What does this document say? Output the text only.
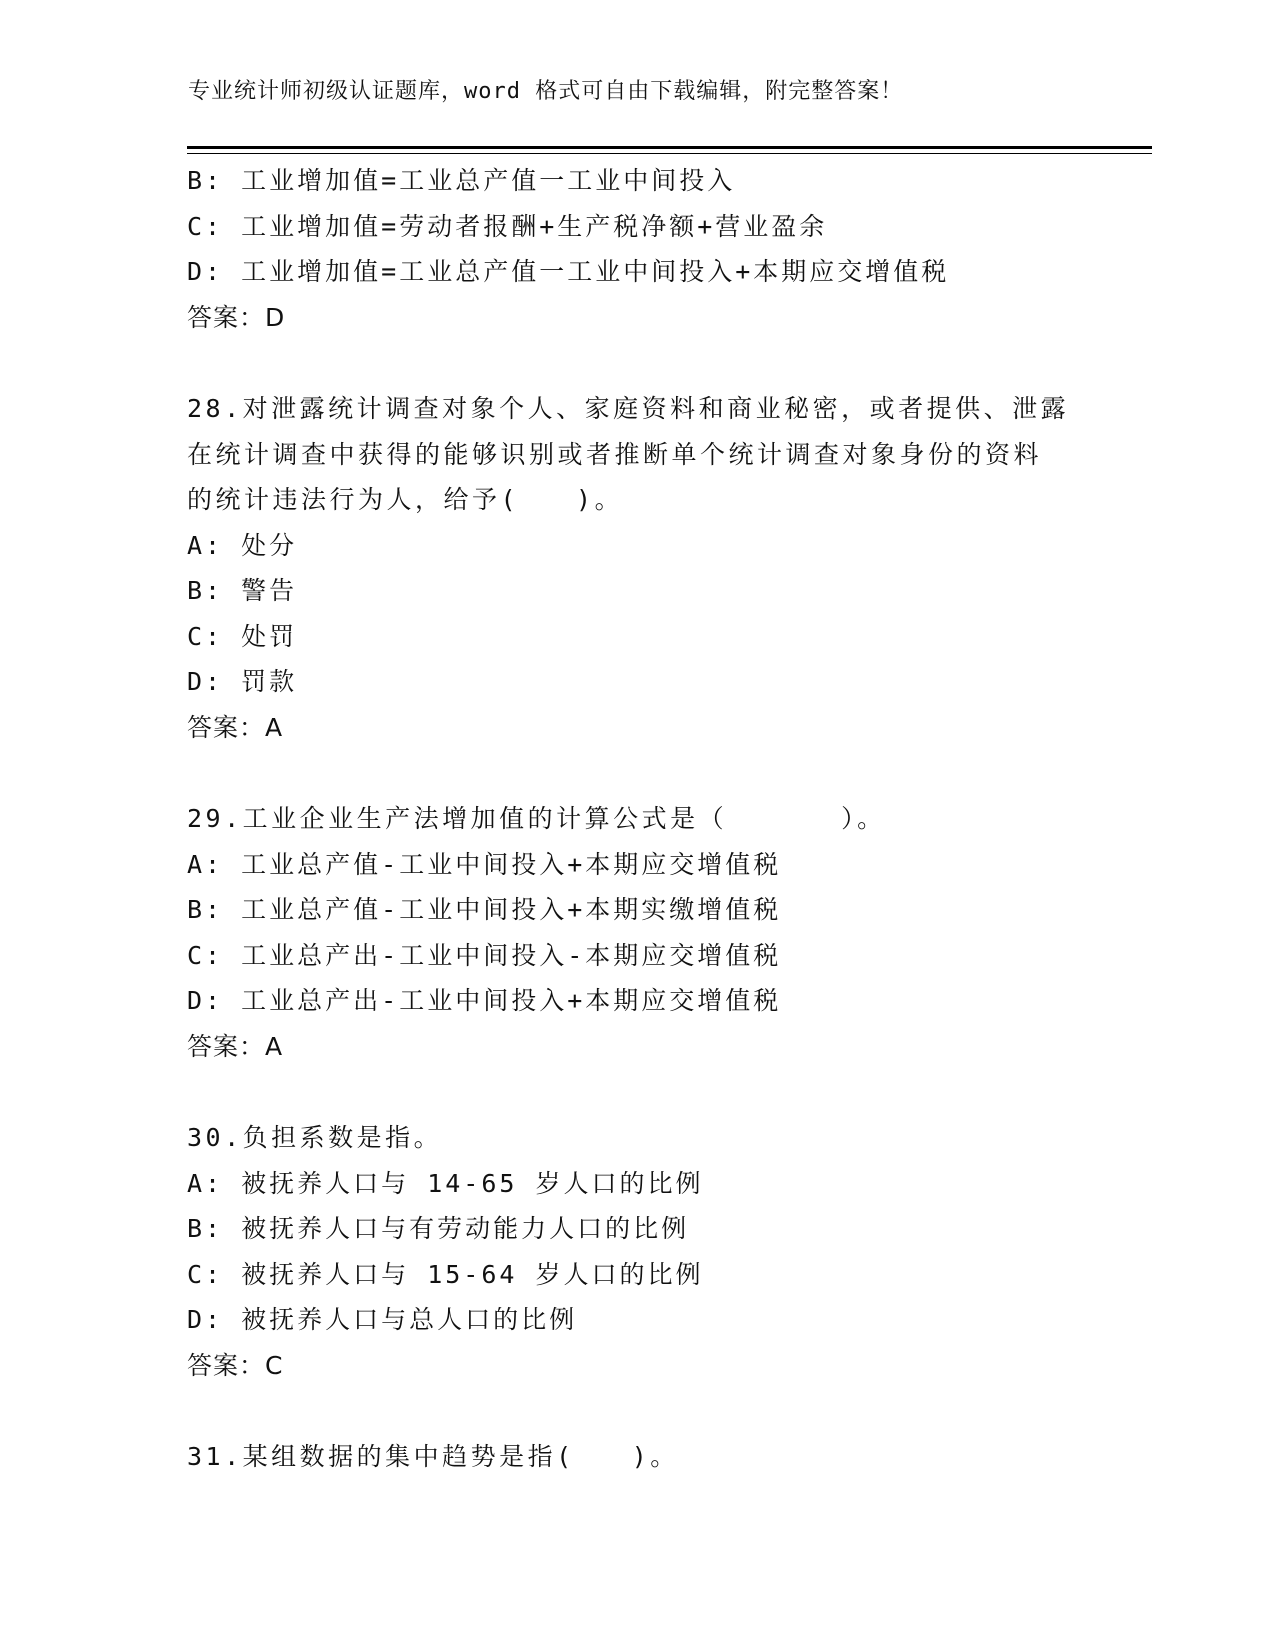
专业统计师初级认证题库，word 格式可自由下载编辑，附完整答案！
B: 工业增加值=工业总产值一工业中间投入
C: 工业增加值=劳动者报酬+生产税净额+营业盈余
D: 工业增加值=工业总产值一工业中间投入+本期应交增值税
答案：D
28.对泄露统计调查对象个人、家庭资料和商业秘密，或者提供、泄露
在统计调查中获得的能够识别或者推断单个统计调查对象身份的资料
的统计违法行为人，给予(　　)。
A: 处分
B: 警告
C: 处罚
D: 罚款
答案：A
29.工业企业生产法增加值的计算公式是（　　　　）。
A: 工业总产值-工业中间投入+本期应交增值税
B: 工业总产值-工业中间投入+本期实缴增值税
C: 工业总产出-工业中间投入-本期应交增值税
D: 工业总产出-工业中间投入+本期应交增值税
答案：A
30.负担系数是指。
A: 被抚养人口与 14-65 岁人口的比例
B: 被抚养人口与有劳动能力人口的比例
C: 被抚养人口与 15-64 岁人口的比例
D: 被抚养人口与总人口的比例
答案：C
31.某组数据的集中趋势是指(　　)。
